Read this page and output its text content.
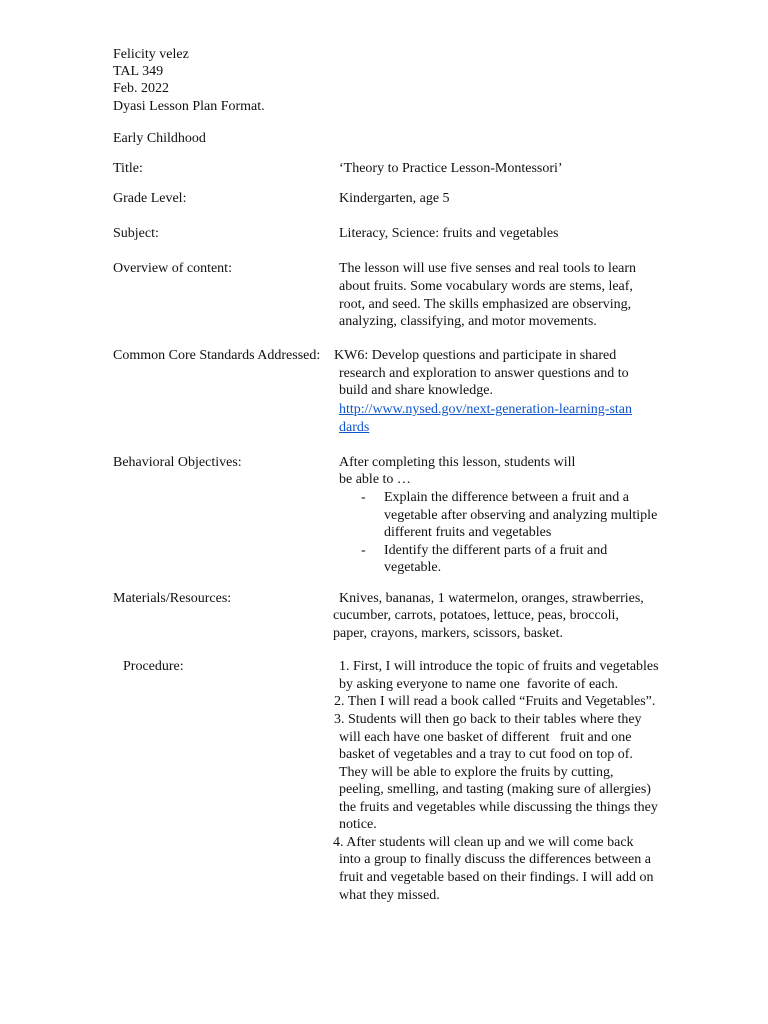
Felicity velez
TAL 349
Feb. 2022
Dyasi Lesson Plan Format.
Early Childhood
Title:	‘Theory to Practice Lesson-Montessori’
Grade Level:	Kindergarten, age 5
Subject:	Literacy, Science: fruits and vegetables
Overview of content:	The lesson will use five senses and real tools to learn
about fruits. Some vocabulary words are stems, leaf,
root, and seed. The skills emphasized are observing,
analyzing, classifying, and motor movements.
Common Core Standards Addressed: KW6: Develop questions and participate in shared
research and exploration to answer questions and to
build and share knowledge.
http://www.nysed.gov/next-generation-learning-stan
dards
Behavioral Objectives:	After completing this lesson, students will
be able to …
- Explain the difference between a fruit and a
vegetable after observing and analyzing multiple
different fruits and vegetables
- Identify the different parts of a fruit and
vegetable.
Materials/Resources:	Knives, bananas, 1 watermelon, oranges, strawberries,
cucumber, carrots, potatoes, lettuce, peas, broccoli,
paper, crayons, markers, scissors, basket.
Procedure:	1. First, I will introduce the topic of fruits and vegetables
by asking everyone to name one  favorite of each.
2. Then I will read a book called “Fruits and Vegetables”.
3. Students will then go back to their tables where they
will each have one basket of different   fruit and one
basket of vegetables and a tray to cut food on top of.
They will be able to explore the fruits by cutting,
peeling, smelling, and tasting (making sure of allergies)
the fruits and vegetables while discussing the things they
notice.
4. After students will clean up and we will come back
into a group to finally discuss the differences between a
fruit and vegetable based on their findings. I will add on
what they missed.
